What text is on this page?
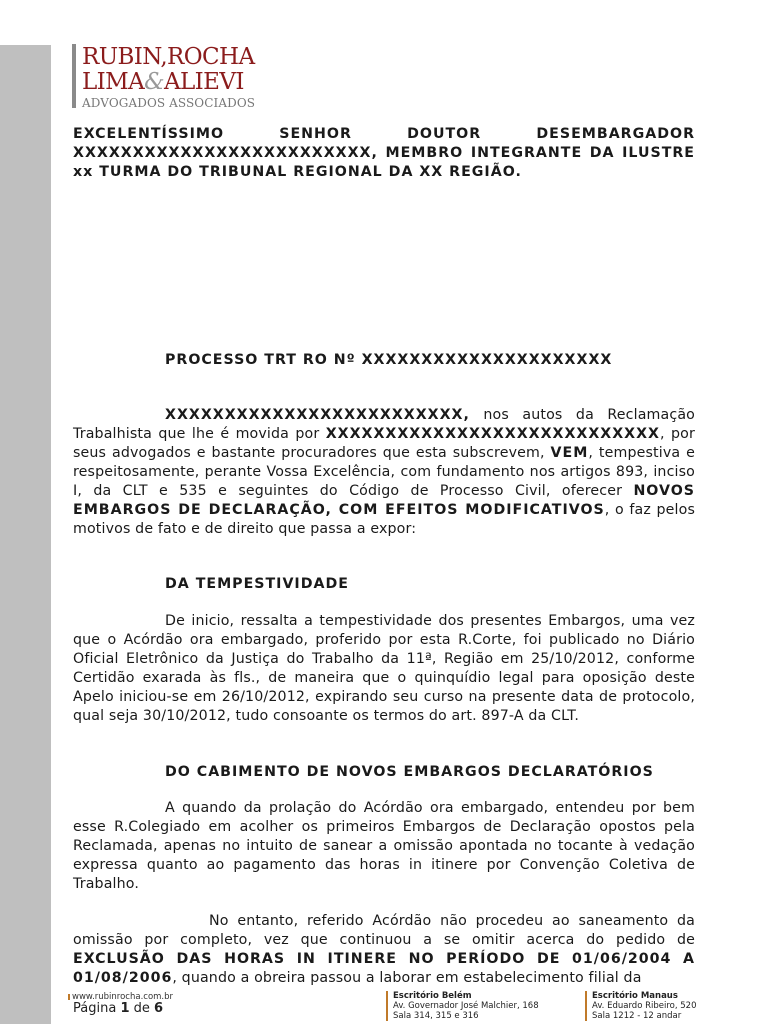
RUBIN,ROCHA
LIMA&ALIEVI
ADVOGADOS ASSOCIADOS
EXCELENTÍSSIMO SENHOR DOUTOR DESEMBARGADOR
XXXXXXXXXXXXXXXXXXXXXXXXX, MEMBRO INTEGRANTE DA ILUSTRE
xx TURMA DO TRIBUNAL REGIONAL DA XX REGIÃO.
PROCESSO TRT RO Nº XXXXXXXXXXXXXXXXXXXXX
XXXXXXXXXXXXXXXXXXXXXXXXX, nos autos da Reclamação Trabalhista que lhe é movida por XXXXXXXXXXXXXXXXXXXXXXXXXXXX, por seus advogados e bastante procuradores que esta subscrevem, VEM, tempestiva e respeitosamente, perante Vossa Excelência, com fundamento nos artigos 893, inciso I, da CLT e 535 e seguintes do Código de Processo Civil, oferecer NOVOS EMBARGOS DE DECLARAÇÃO, COM EFEITOS MODIFICATIVOS, o faz pelos motivos de fato e de direito que passa a expor:
DA TEMPESTIVIDADE
De inicio, ressalta a tempestividade dos presentes Embargos, uma vez que o Acórdão ora embargado, proferido por esta R.Corte, foi publicado no Diário Oficial Eletrônico da Justiça do Trabalho da 11ª, Região em 25/10/2012, conforme Certidão exarada às fls., de maneira que o quinquídio legal para oposição deste Apelo iniciou-se em 26/10/2012, expirando seu curso na presente data de protocolo, qual seja 30/10/2012, tudo consoante os termos do art. 897-A da CLT.
DO CABIMENTO DE NOVOS EMBARGOS DECLARATÓRIOS
A quando da prolação do Acórdão ora embargado, entendeu por bem esse R.Colegiado em acolher os primeiros Embargos de Declaração opostos pela Reclamada, apenas no intuito de sanear a omissão apontada no tocante à vedação expressa quanto ao pagamento das horas in itinere por Convenção Coletiva de Trabalho.
No entanto, referido Acórdão não procedeu ao saneamento da omissão por completo, vez que continuou a se omitir acerca do pedido de EXCLUSÃO DAS HORAS IN ITINERE NO PERÍODO DE 01/06/2004 A 01/08/2006, quando a obreira passou a laborar em estabelecimento filial da
www.rubinrocha.com.br
Página 1 de 6
Escritório Belém
Av. Governador José Malchier, 168
Sala 314, 315 e 316
Escritório Manaus
Av. Eduardo Ribeiro, 520
Sala 1212 - 12 andar
